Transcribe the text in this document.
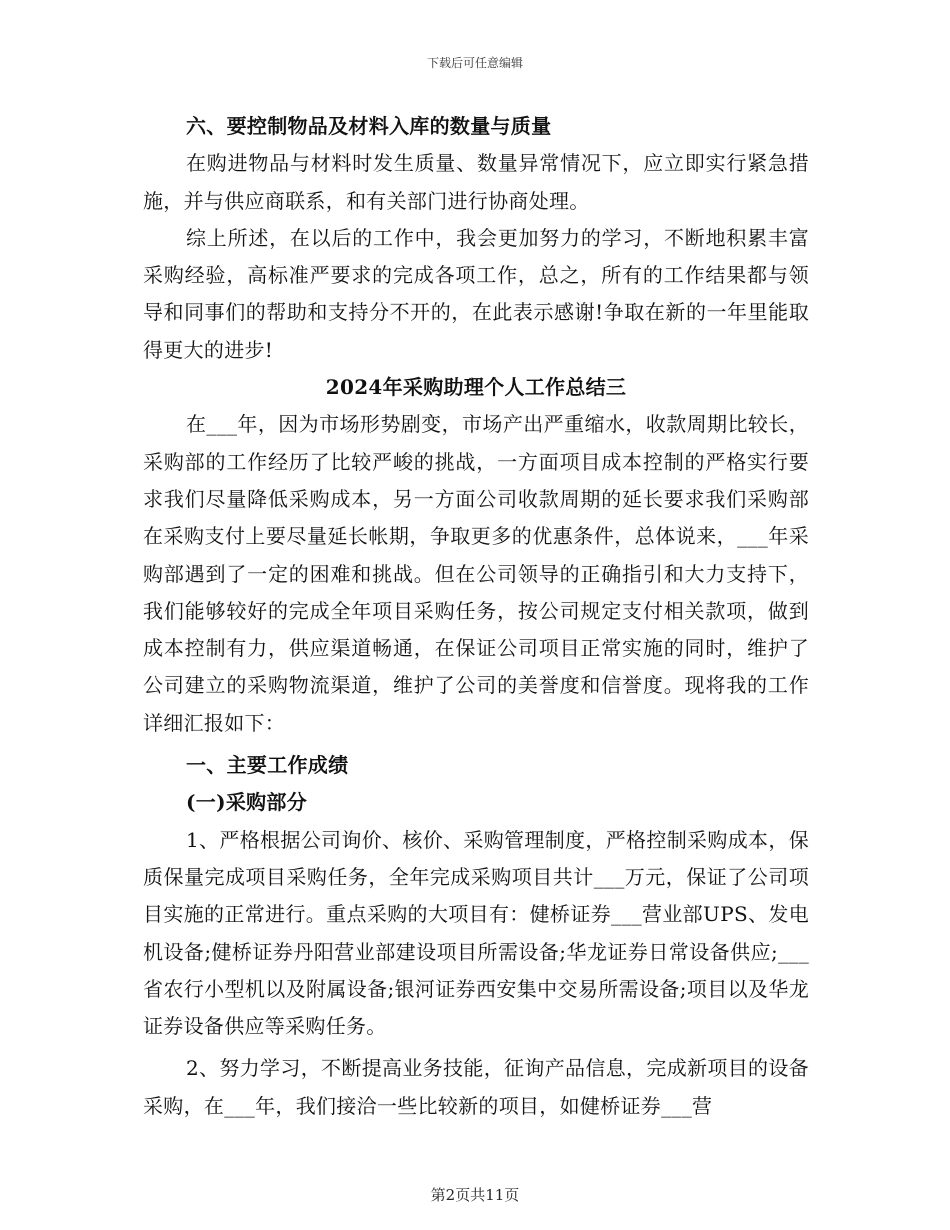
下载后可任意编辑

六、要控制物品及材料入库的数量与质量

在购进物品与材料时发生质量、数量异常情况下，应立即实行紧急措施，并与供应商联系，和有关部门进行协商处理。

综上所述，在以后的工作中，我会更加努力的学习，不断地积累丰富采购经验，高标准严要求的完成各项工作，总之，所有的工作结果都与领导和同事们的帮助和支持分不开的，在此表示感谢!争取在新的一年里能取得更大的进步!

2024年采购助理个人工作总结三

在___年，因为市场形势剧变，市场产出严重缩水，收款周期比较长，采购部的工作经历了比较严峻的挑战，一方面项目成本控制的严格实行要求我们尽量降低采购成本，另一方面公司收款周期的延长要求我们采购部在采购支付上要尽量延长帐期，争取更多的优惠条件，总体说来，___年采购部遇到了一定的困难和挑战。但在公司领导的正确指引和大力支持下，我们能够较好的完成全年项目采购任务，按公司规定支付相关款项，做到成本控制有力，供应渠道畅通，在保证公司项目正常实施的同时，维护了公司建立的采购物流渠道，维护了公司的美誉度和信誉度。现将我的工作详细汇报如下：

一、主要工作成绩

(一)采购部分

1、严格根据公司询价、核价、采购管理制度，严格控制采购成本，保质保量完成项目采购任务，全年完成采购项目共计___万元，保证了公司项目实施的正常进行。重点采购的大项目有：健桥证券___营业部UPS、发电机设备;健桥证券丹阳营业部建设项目所需设备;华龙证券日常设备供应;___省农行小型机以及附属设备;银河证券西安集中交易所需设备;项目以及华龙证券设备供应等采购任务。

2、努力学习，不断提高业务技能，征询产品信息，完成新项目的设备采购，在___年，我们接洽一些比较新的项目，如健桥证券___营

第2页共11页
